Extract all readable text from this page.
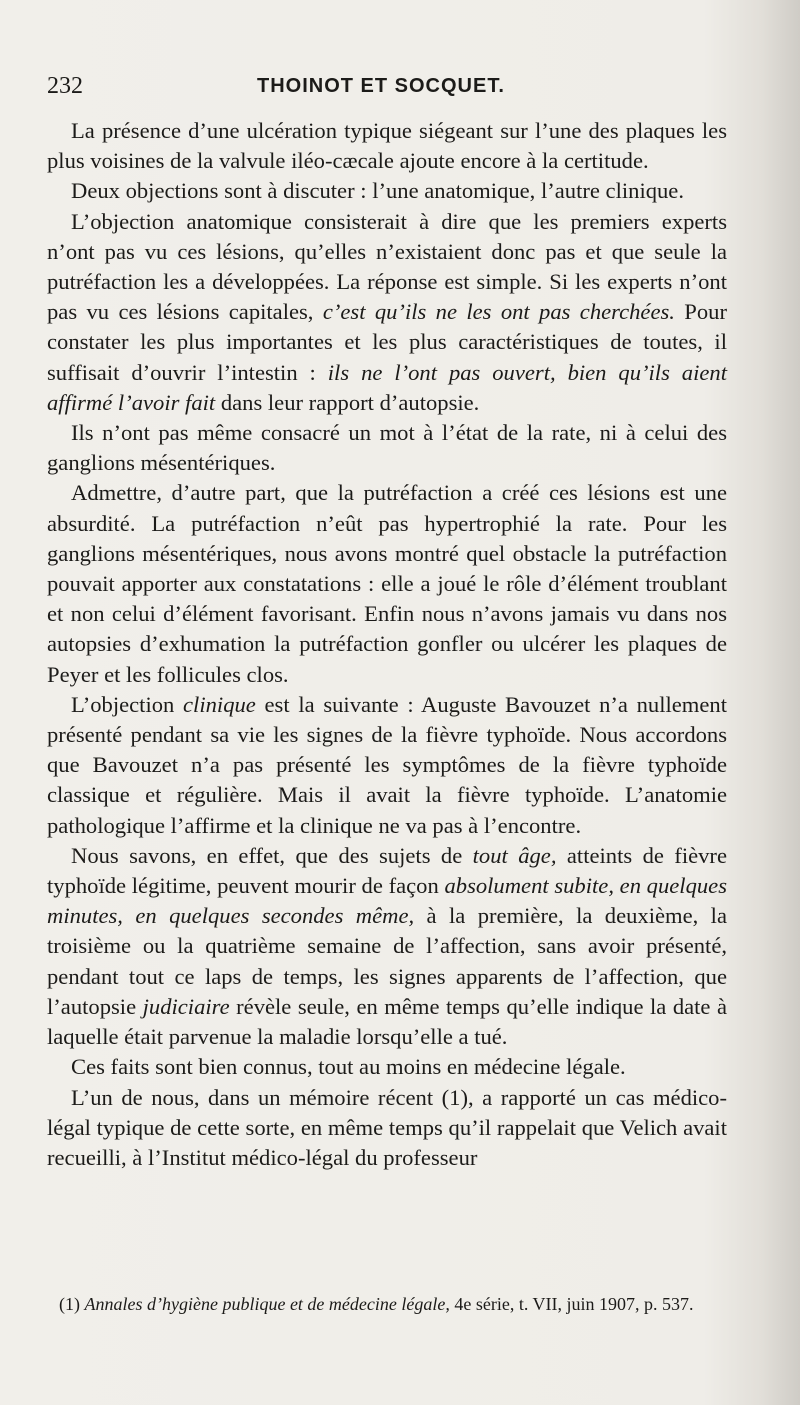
232	THOINOT ET SOCQUET.

La présence d’une ulcération typique siégeant sur l’une des plaques les plus voisines de la valvule iléo-cæcale ajoute encore à la certitude.

Deux objections sont à discuter : l’une anatomique, l’autre clinique.

L’objection anatomique consisterait à dire que les premiers experts n’ont pas vu ces lésions, qu’elles n’existaient donc pas et que seule la putréfaction les a développées. La réponse est simple. Si les experts n’ont pas vu ces lésions capitales, c’est qu’ils ne les ont pas cherchées. Pour constater les plus importantes et les plus caractéristiques de toutes, il suffisait d’ouvrir l’intestin : ils ne l’ont pas ouvert, bien qu’ils aient affirmé l’avoir fait dans leur rapport d’autopsie.

Ils n’ont pas même consacré un mot à l’état de la rate, ni à celui des ganglions mésentériques.

Admettre, d’autre part, que la putréfaction a créé ces lésions est une absurdité. La putréfaction n’eût pas hypertrophié la rate. Pour les ganglions mésentériques, nous avons montré quel obstacle la putréfaction pouvait apporter aux constatations : elle a joué le rôle d’élément troublant et non celui d’élément favorisant. Enfin nous n’avons jamais vu dans nos autopsies d’exhumation la putréfaction gonfler ou ulcérer les plaques de Peyer et les follicules clos.

L’objection clinique est la suivante : Auguste Bavouzet n’a nullement présenté pendant sa vie les signes de la fièvre typhoïde. Nous accordons que Bavouzet n’a pas présenté les symptômes de la fièvre typhoïde classique et régulière. Mais il avait la fièvre typhoïde. L’anatomie pathologique l’affirme et la clinique ne va pas à l’encontre.

Nous savons, en effet, que des sujets de tout âge, atteints de fièvre typhoïde légitime, peuvent mourir de façon absolument subite, en quelques minutes, en quelques secondes même, à la première, la deuxième, la troisième ou la quatrième semaine de l’affection, sans avoir présenté, pendant tout ce laps de temps, les signes apparents de l’affection, que l’autopsie judiciaire révèle seule, en même temps qu’elle indique la date à laquelle était parvenue la maladie lorsqu’elle a tué.

Ces faits sont bien connus, tout au moins en médecine légale.

L’un de nous, dans un mémoire récent (1), a rapporté un cas médico-légal typique de cette sorte, en même temps qu’il rappelait que Velich avait recueilli, à l’Institut médico-légal du professeur

(1) Annales d’hygiène publique et de médecine légale, 4e série, t. VII, juin 1907, p. 537.
